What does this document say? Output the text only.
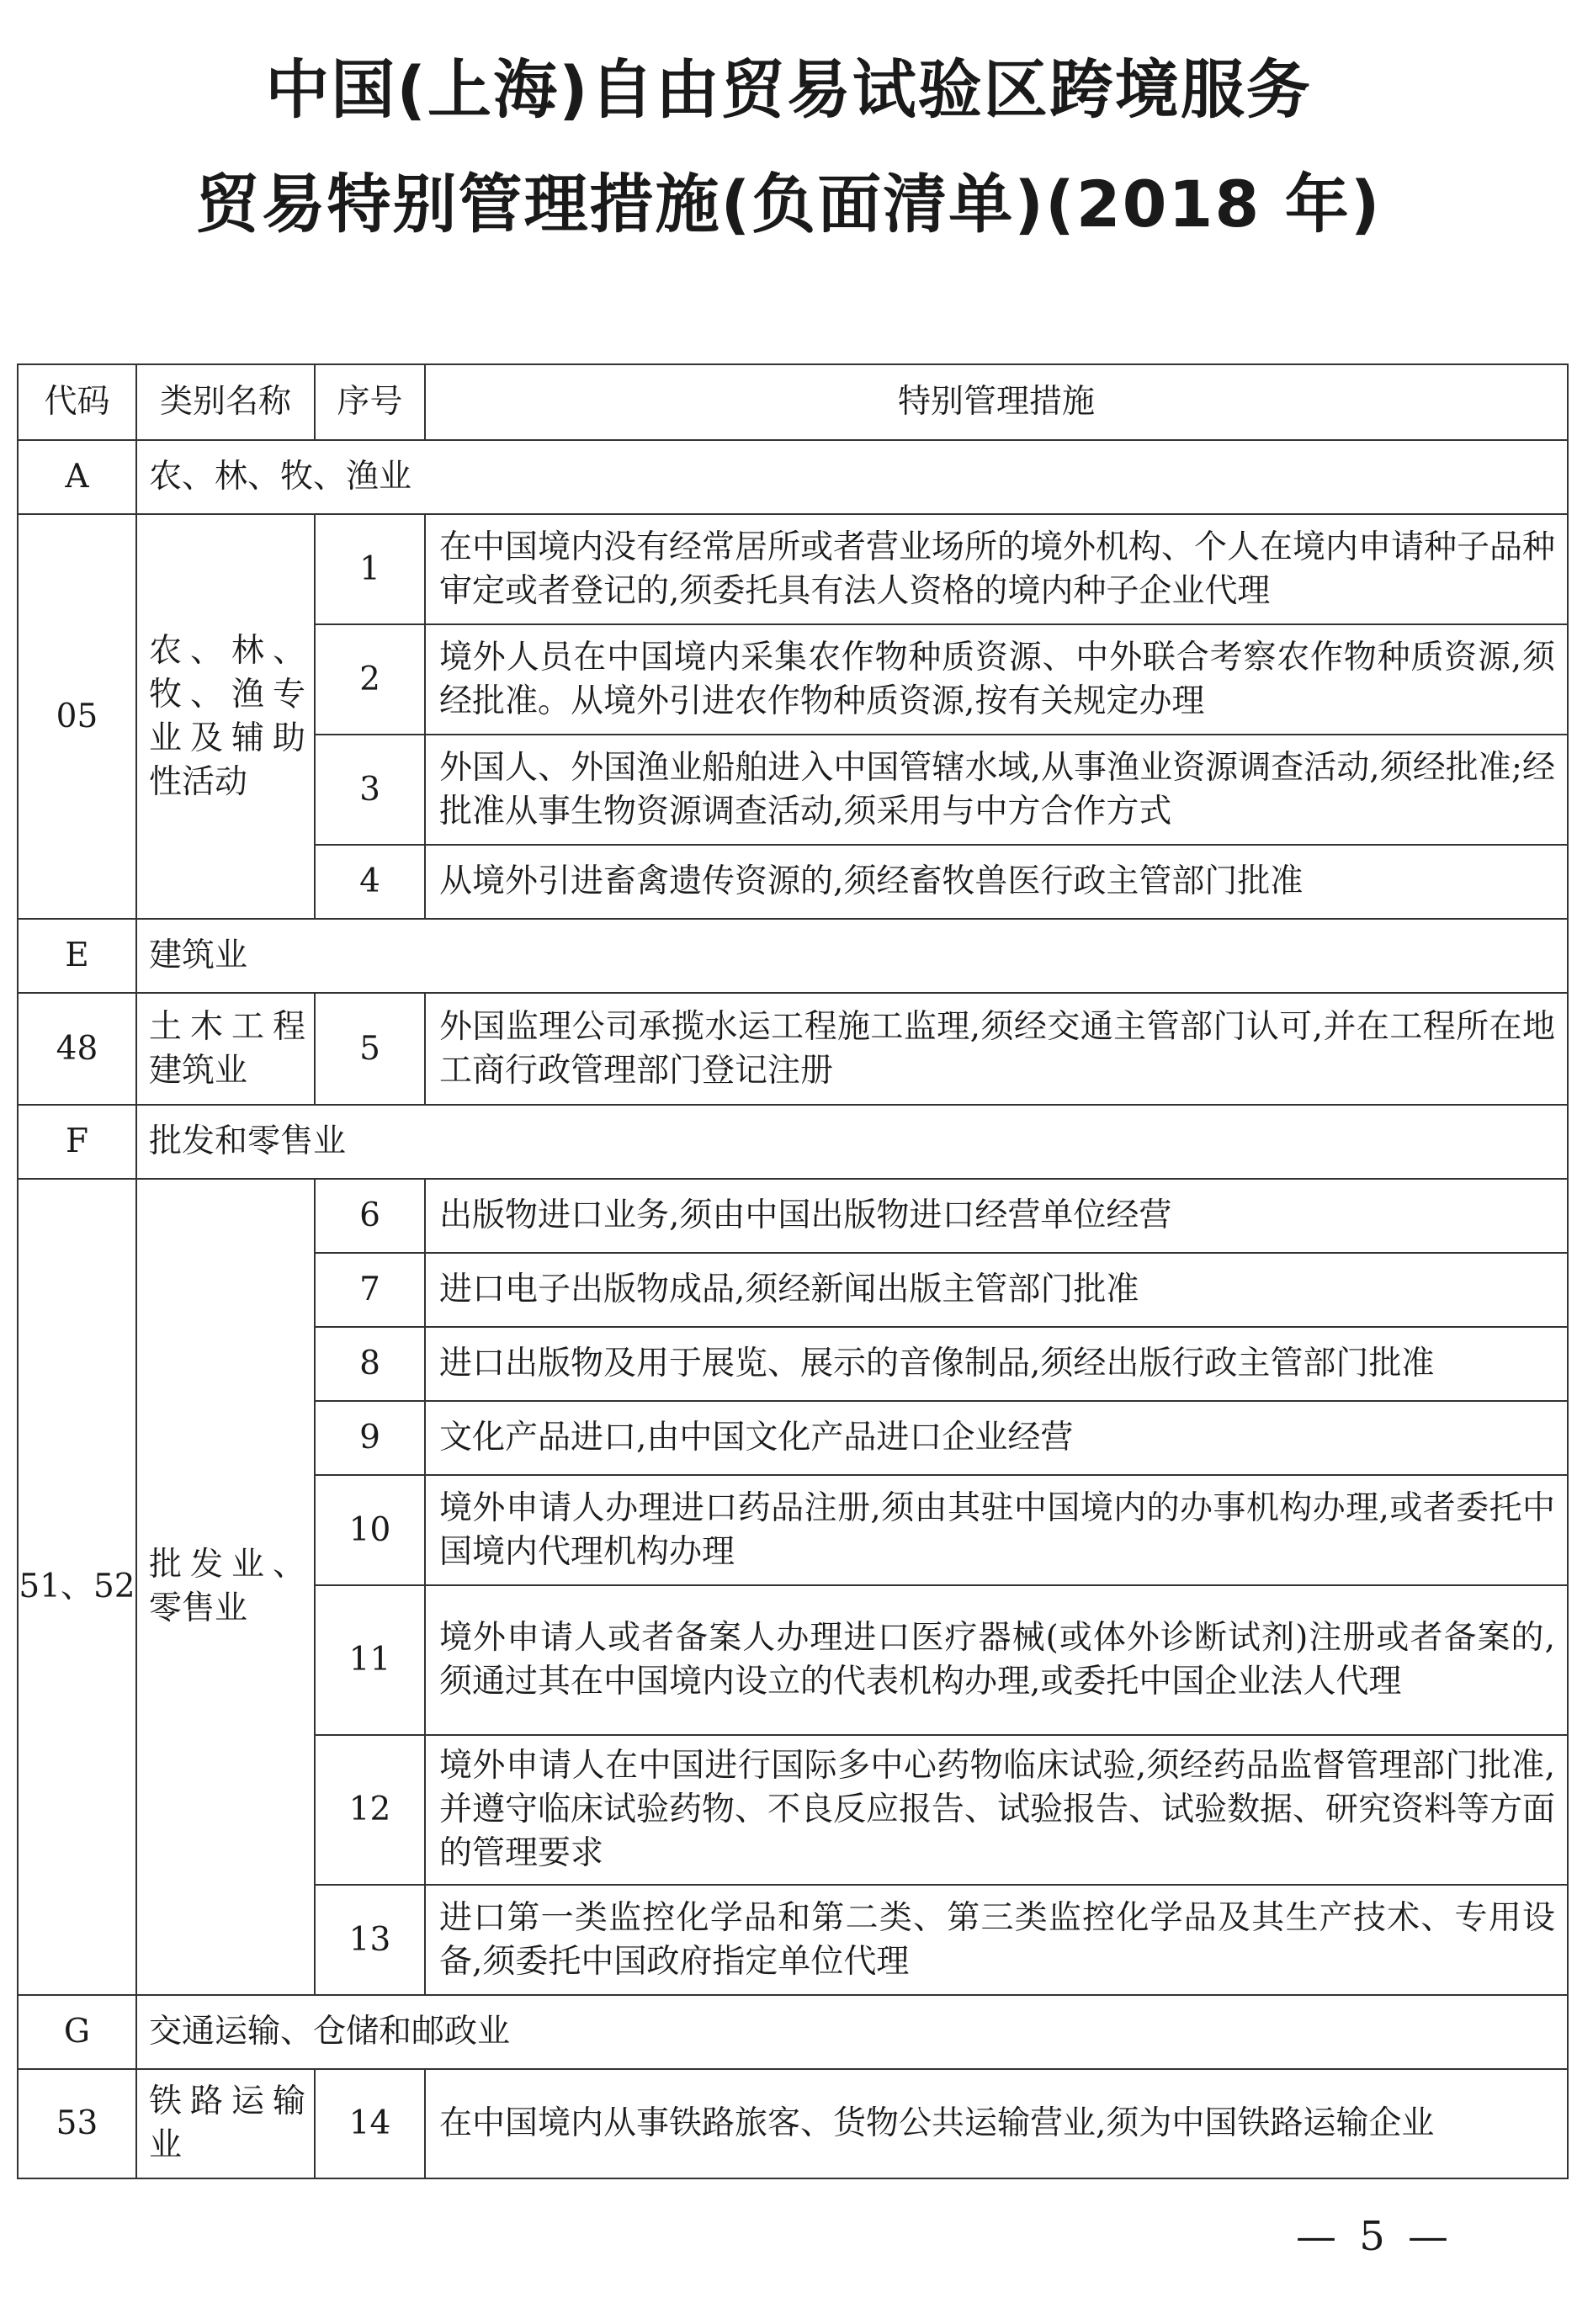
中国(上海)自由贸易试验区跨境服务
贸易特别管理措施(负面清单)(2018 年)
代码	类别名称	序号	特别管理措施
A	农、林、牧、渔业		
05	农、林、牧、渔专业及辅助性活动	1	在中国境内没有经常居所或者营业场所的境外机构、个人在境内申请种子品种审定或者登记的,须委托具有法人资格的境内种子企业代理
		2	境外人员在中国境内采集农作物种质资源、中外联合考察农作物种质资源,须经批准。从境外引进农作物种质资源,按有关规定办理
		3	外国人、外国渔业船舶进入中国管辖水域,从事渔业资源调查活动,须经批准;经批准从事生物资源调查活动,须采用与中方合作方式
		4	从境外引进畜禽遗传资源的,须经畜牧兽医行政主管部门批准
E	建筑业		
48	土木工程建筑业	5	外国监理公司承揽水运工程施工监理,须经交通主管部门认可,并在工程所在地工商行政管理部门登记注册
F	批发和零售业		
51、52	批发业、零售业	6	出版物进口业务,须由中国出版物进口经营单位经营
		7	进口电子出版物成品,须经新闻出版主管部门批准
		8	进口出版物及用于展览、展示的音像制品,须经出版行政主管部门批准
		9	文化产品进口,由中国文化产品进口企业经营
		10	境外申请人办理进口药品注册,须由其驻中国境内的办事机构办理,或者委托中国境内代理机构办理
		11	境外申请人或者备案人办理进口医疗器械(或体外诊断试剂)注册或者备案的,须通过其在中国境内设立的代表机构办理,或委托中国企业法人代理
		12	境外申请人在中国进行国际多中心药物临床试验,须经药品监督管理部门批准,并遵守临床试验药物、不良反应报告、试验报告、试验数据、研究资料等方面的管理要求
		13	进口第一类监控化学品和第二类、第三类监控化学品及其生产技术、专用设备,须委托中国政府指定单位代理
G	交通运输、仓储和邮政业		
53	铁路运输业	14	在中国境内从事铁路旅客、货物公共运输营业,须为中国铁路运输企业
— 5 —
